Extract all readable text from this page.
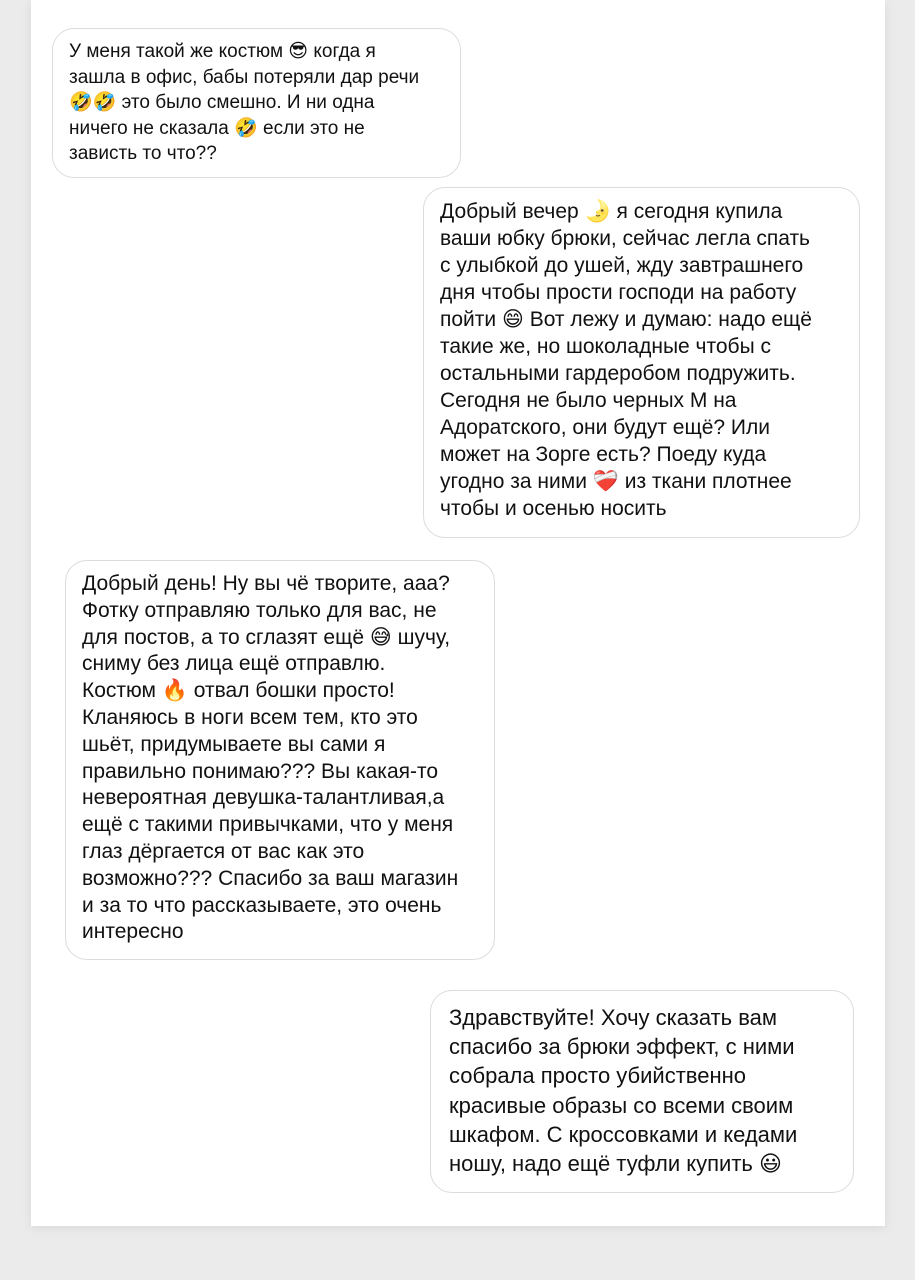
У меня такой же костюм 😎 когда я
зашла в офис, бабы потеряли дар речи
🤣🤣 это было смешно. И ни одна
ничего не сказала 🤣 если это не
зависть то что??
Добрый вечер 🌛 я сегодня купила
ваши юбку брюки, сейчас легла спать
с улыбкой до ушей, жду завтрашнего
дня чтобы прости господи на работу
пойти 😄 Вот лежу и думаю: надо ещё
такие же, но шоколадные чтобы с
остальными гардеробом подружить.
Сегодня не было черных М на
Адоратского, они будут ещё? Или
может на Зорге есть? Поеду куда
угодно за ними ❤️‍🩹 из ткани плотнее
чтобы и осенью носить
Добрый день! Ну вы чё творите, ааа?
Фотку отправляю только для вас, не
для постов, а то сглазят ещё 😅 шучу,
сниму без лица ещё отправлю.
Костюм 🔥 отвал бошки просто!
Кланяюсь в ноги всем тем, кто это
шьёт, придумываете вы сами я
правильно понимаю??? Вы какая-то
невероятная девушка-талантливая,а
ещё с такими привычками, что у меня
глаз дёргается от вас как это
возможно??? Спасибо за ваш магазин
и за то что рассказываете, это очень
интересно
Здравствуйте! Хочу сказать вам
спасибо за брюки эффект, с ними
собрала просто убийственно
красивые образы со всеми своим
шкафом. С кроссовками и кедами
ношу, надо ещё туфли купить 😃
